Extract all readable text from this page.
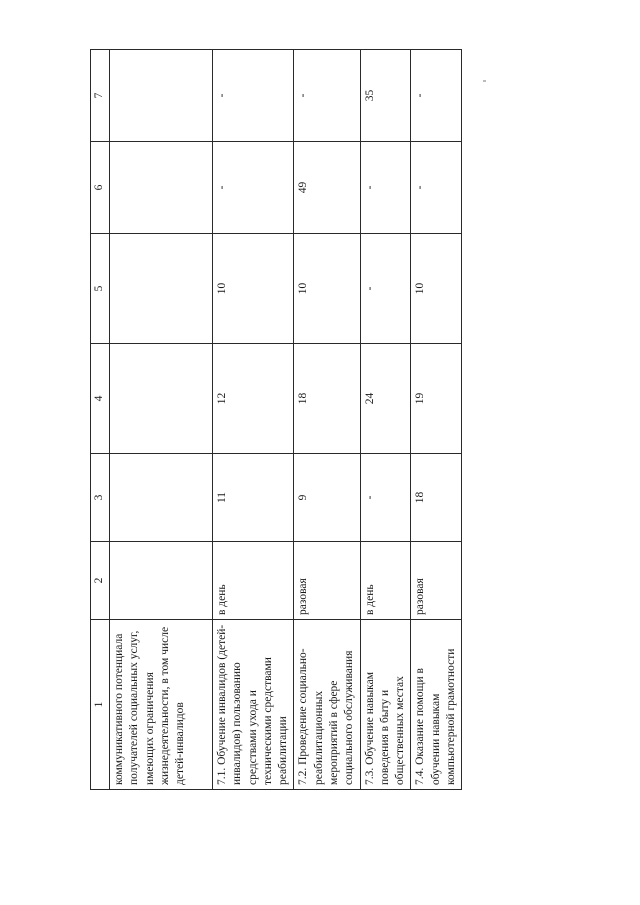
1	2	3	4	5	6	7
коммуникативного потенциала получателей социальных услуг, имеющих ограничения жизнедеятельности, в том числе детей-инвалидов						
7.1. Обучение инвалидов (детей-инвалидов) пользованию средствами ухода и техническими средствами реабилитации	в день	11	12	10	-	-
7.2. Проведение социально-реабилитационных мероприятий в сфере социального обслуживания	разовая	9	18	10	49	-
7.3. Обучение навыкам поведения в быту и общественных местах	в день	-	24	-	-	35
7.4. Оказание помощи в обучении навыкам компьютерной грамотности	разовая	18	19	10	-	-
